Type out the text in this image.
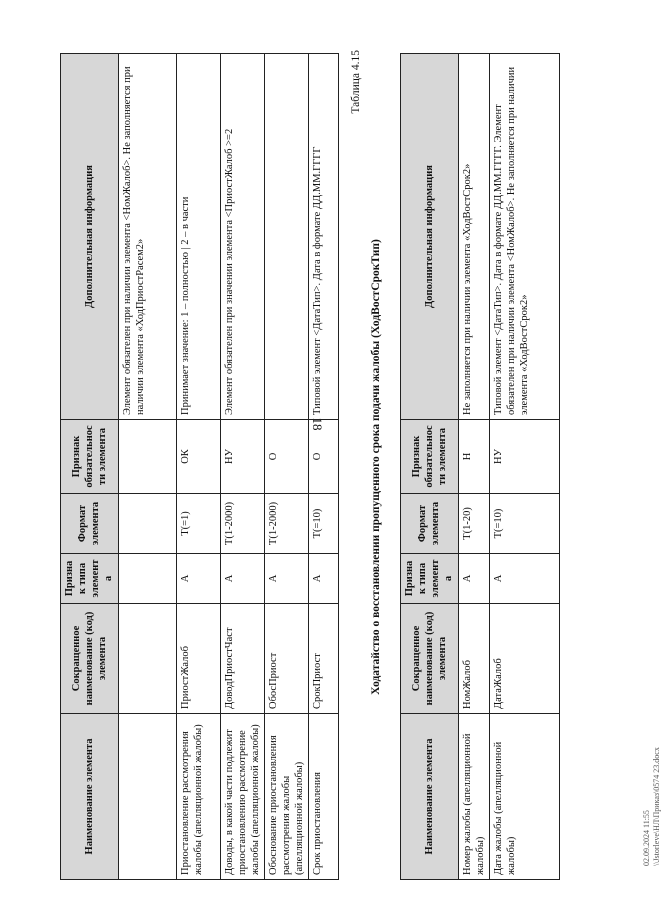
18
Наименование элемента	Сокращенное наименование (код) элемента	Признак типа элемента	Формат элемента	Признак обязательности элемента	Дополнительная информация
					Элемент обязателен при наличии элемента <НомЖалоб>. Не заполняется при наличии элемента «ХодПриостРасем2»
Приостановление рассмотрения жалобы (апелляционной жалобы)	ПриостЖалоб	А	Т(=1)	ОК	Принимает значение: 1 – полностью | 2 – в части
Доводы, в какой части подлежит приостановлению рассмотрение жалобы (апелляционной жалобы)	ДоводПриостЧаст	А	Т(1-2000)	НУ	Элемент обязателен при значении элемента <ПриостЖалоб >=2
Обоснование приостановления рассмотрения жалобы (апелляционной жалобы)	ОбосПриост	А	Т(1-2000)	О	
Срок приостановления	СрокПриост	А	Т(=10)	О	Типовой элемент <ДатаТип>. Дата в формате ДД.ММ.ГГГГ
Таблица 4.15
Ходатайство о восстановлении пропущенного срока подачи жалобы (ХодВостСрокТип)
Наименование элемента	Сокращенное наименование (код) элемента	Признак типа элемента	Формат элемента	Признак обязательности элемента	Дополнительная информация
Номер жалобы (апелляционной жалобы)	НомЖалоб	А	Т(1-20)	Н	Не заполняется при наличии элемента «ХодВостСрок2»
Дата жалобы (апелляционной жалобы)	ДатаЖалоб	А	Т(=10)	НУ	Типовой элемент <ДатаТип>. Дата в формате ДД.ММ.ГГГГ. Элемент обязателен при наличии элемента <НомЖалоб>. Не заполняется при наличии элемента «ХодВостСрок2»
02.09.2024 11:55 \\Jstorleve\НЛ\Приказ\0574 23.docx
